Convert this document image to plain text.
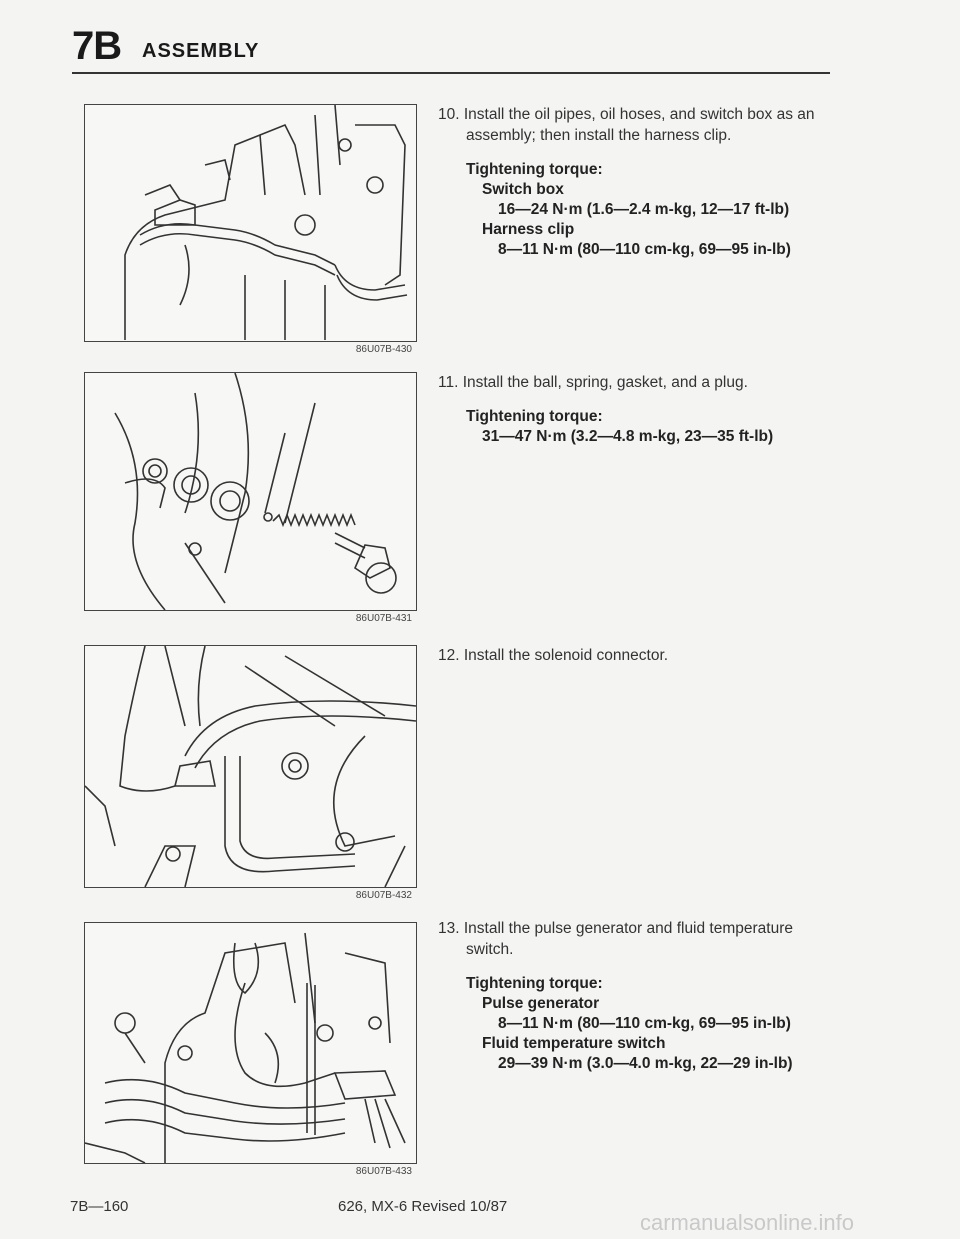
7B ASSEMBLY
86U07B-430
86U07B-431
86U07B-432
86U07B-433
10. Install the oil pipes, oil hoses, and switch box as an assembly; then install the harness clip.
Tightening torque:
Switch box
16—24 N·m (1.6—2.4 m-kg, 12—17 ft-lb)
Harness clip
8—11 N·m (80—110 cm-kg, 69—95 in-lb)
11. Install the ball, spring, gasket, and a plug.
Tightening torque:
31—47 N·m (3.2—4.8 m-kg, 23—35 ft-lb)
12. Install the solenoid connector.
13. Install the pulse generator and fluid temperature switch.
Tightening torque:
Pulse generator
8—11 N·m (80—110 cm-kg, 69—95 in-lb)
Fluid temperature switch
29—39 N·m (3.0—4.0 m-kg, 22—29 in-lb)
7B—160	626, MX-6 Revised 10/87
carmanualsonline.info
